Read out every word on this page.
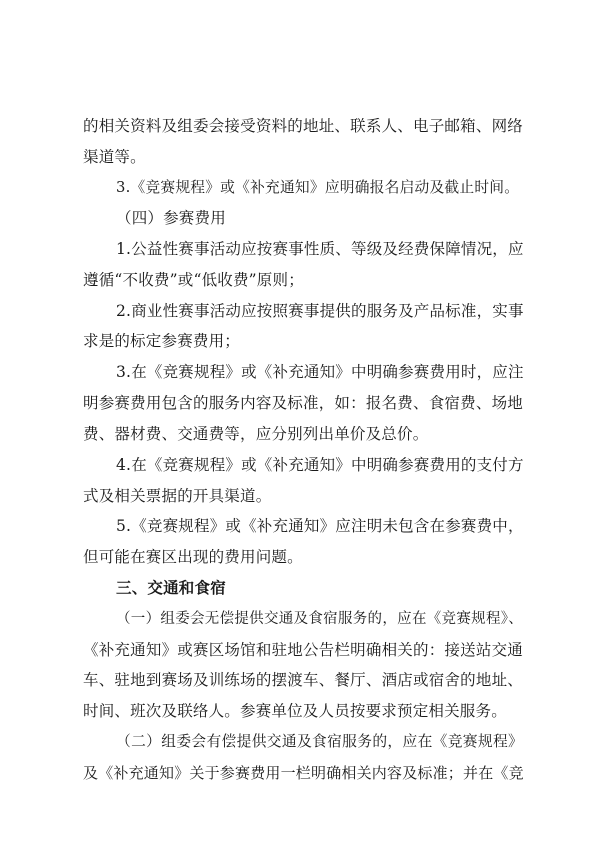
的相关资料及组委会接受资料的地址、联系人、电子邮箱、网络
渠道等。
3.《竞赛规程》或《补充通知》应明确报名启动及截止时间。
（四）参赛费用
1.公益性赛事活动应按赛事性质、等级及经费保障情况，应
遵循“不收费”或“低收费”原则；
2.商业性赛事活动应按照赛事提供的服务及产品标准，实事
求是的标定参赛费用；
3.在《竞赛规程》或《补充通知》中明确参赛费用时，应注
明参赛费用包含的服务内容及标准，如：报名费、食宿费、场地
费、器材费、交通费等，应分别列出单价及总价。
4.在《竞赛规程》或《补充通知》中明确参赛费用的支付方
式及相关票据的开具渠道。
5.《竞赛规程》或《补充通知》应注明未包含在参赛费中，
但可能在赛区出现的费用问题。
三、交通和食宿
（一）组委会无偿提供交通及食宿服务的，应在《竞赛规程》、
《补充通知》或赛区场馆和驻地公告栏明确相关的：接送站交通
车、驻地到赛场及训练场的摆渡车、餐厅、酒店或宿舍的地址、
时间、班次及联络人。参赛单位及人员按要求预定相关服务。
（二）组委会有偿提供交通及食宿服务的，应在《竞赛规程》
及《补充通知》关于参赛费用一栏明确相关内容及标准；并在《竞
